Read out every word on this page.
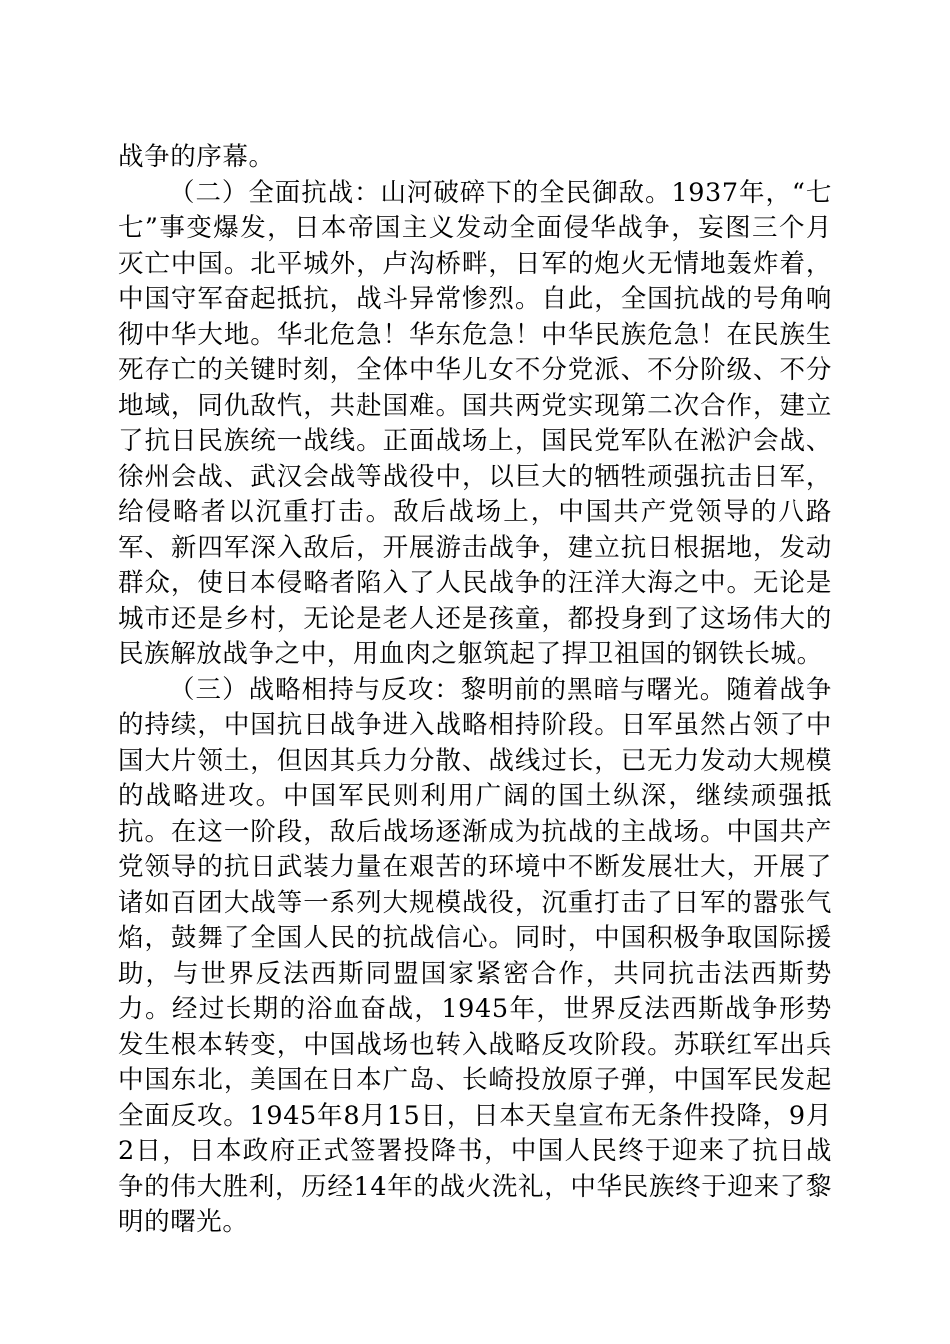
战争的序幕。

（二）全面抗战：山河破碎下的全民御敌。1937年，“七七”事变爆发，日本帝国主义发动全面侵华战争，妄图三个月灭亡中国。北平城外，卢沟桥畔，日军的炮火无情地轰炸着，中国守军奋起抵抗，战斗异常惨烈。自此，全国抗战的号角响彻中华大地。华北危急！华东危急！中华民族危急！在民族生死存亡的关键时刻，全体中华儿女不分党派、不分阶级、不分地域，同仇敌忾，共赴国难。国共两党实现第二次合作，建立了抗日民族统一战线。正面战场上，国民党军队在淞沪会战、徐州会战、武汉会战等战役中，以巨大的牺牲顽强抗击日军，给侵略者以沉重打击。敌后战场上，中国共产党领导的八路军、新四军深入敌后，开展游击战争，建立抗日根据地，发动群众，使日本侵略者陷入了人民战争的汪洋大海之中。无论是城市还是乡村，无论是老人还是孩童，都投身到了这场伟大的民族解放战争之中，用血肉之躯筑起了捍卫祖国的钢铁长城。

（三）战略相持与反攻：黎明前的黑暗与曙光。随着战争的持续，中国抗日战争进入战略相持阶段。日军虽然占领了中国大片领土，但因其兵力分散、战线过长，已无力发动大规模的战略进攻。中国军民则利用广阔的国土纵深，继续顽强抵抗。在这一阶段，敌后战场逐渐成为抗战的主战场。中国共产党领导的抗日武装力量在艰苦的环境中不断发展壮大，开展了诸如百团大战等一系列大规模战役，沉重打击了日军的嚣张气焰，鼓舞了全国人民的抗战信心。同时，中国积极争取国际援助，与世界反法西斯同盟国家紧密合作，共同抗击法西斯势力。经过长期的浴血奋战，1945年，世界反法西斯战争形势发生根本转变，中国战场也转入战略反攻阶段。苏联红军出兵中国东北，美国在日本广岛、长崎投放原子弹，中国军民发起全面反攻。1945年8月15日，日本天皇宣布无条件投降，9月2日，日本政府正式签署投降书，中国人民终于迎来了抗日战争的伟大胜利，历经14年的战火洗礼，中华民族终于迎来了黎明的曙光。
